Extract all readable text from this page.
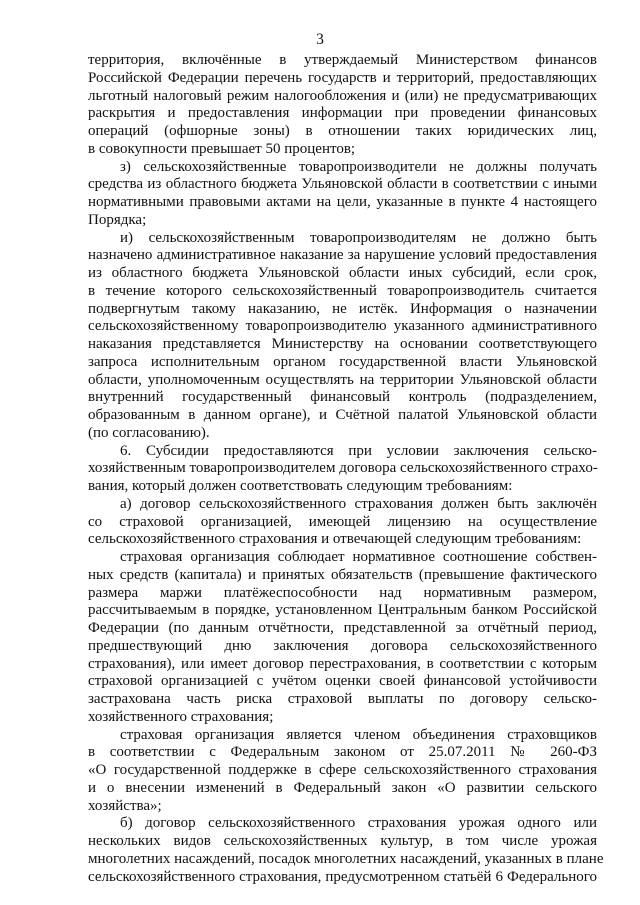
3
территория, включённые в утверждаемый Министерством финансов
Российской Федерации перечень государств и территорий, предоставляющих
льготный налоговый режим налогообложения и (или) не предусматривающих
раскрытия и предоставления информации при проведении финансовых
операций (офшорные зоны) в отношении таких юридических лиц,
в совокупности превышает 50 процентов;
з) сельскохозяйственные товаропроизводители не должны получать
средства из областного бюджета Ульяновской области в соответствии с иными
нормативными правовыми актами на цели, указанные в пункте 4 настоящего
Порядка;
и) сельскохозяйственным товаропроизводителям не должно быть
назначено административное наказание за нарушение условий предоставления
из областного бюджета Ульяновской области иных субсидий, если срок,
в течение которого сельскохозяйственный товаропроизводитель считается
подвергнутым такому наказанию, не истёк. Информация о назначении
сельскохозяйственному товаропроизводителю указанного административного
наказания представляется Министерству на основании соответствующего
запроса исполнительным органом государственной власти Ульяновской
области, уполномоченным осуществлять на территории Ульяновской области
внутренний государственный финансовый контроль (подразделением,
образованным в данном органе), и Счётной палатой Ульяновской области
(по согласованию).
6. Субсидии предоставляются при условии заключения сельско-
хозяйственным товаропроизводителем договора сельскохозяйственного страхо-
вания, который должен соответствовать следующим требованиям:
а) договор сельскохозяйственного страхования должен быть заключён
со страховой организацией, имеющей лицензию на осуществление
сельскохозяйственного страхования и отвечающей следующим требованиям:
страховая организация соблюдает нормативное соотношение собствен-
ных средств (капитала) и принятых обязательств (превышение фактического
размера маржи платёжеспособности над нормативным размером,
рассчитываемым в порядке, установленном Центральным банком Российской
Федерации (по данным отчётности, представленной за отчётный период,
предшествующий дню заключения договора сельскохозяйственного
страхования), или имеет договор перестрахования, в соответствии с которым
страховой организацией с учётом оценки своей финансовой устойчивости
застрахована часть риска страховой выплаты по договору сельско-
хозяйственного страхования;
страховая организация является членом объединения страховщиков
в соответствии с Федеральным законом от 25.07.2011 № 260-ФЗ
«О государственной поддержке в сфере сельскохозяйственного страхования
и о внесении изменений в Федеральный закон «О развитии сельского
хозяйства»;
б) договор сельскохозяйственного страхования урожая одного или
нескольких видов сельскохозяйственных культур, в том числе урожая
многолетних насаждений, посадок многолетних насаждений, указанных в плане
сельскохозяйственного страхования, предусмотренном статьёй 6 Федерального
